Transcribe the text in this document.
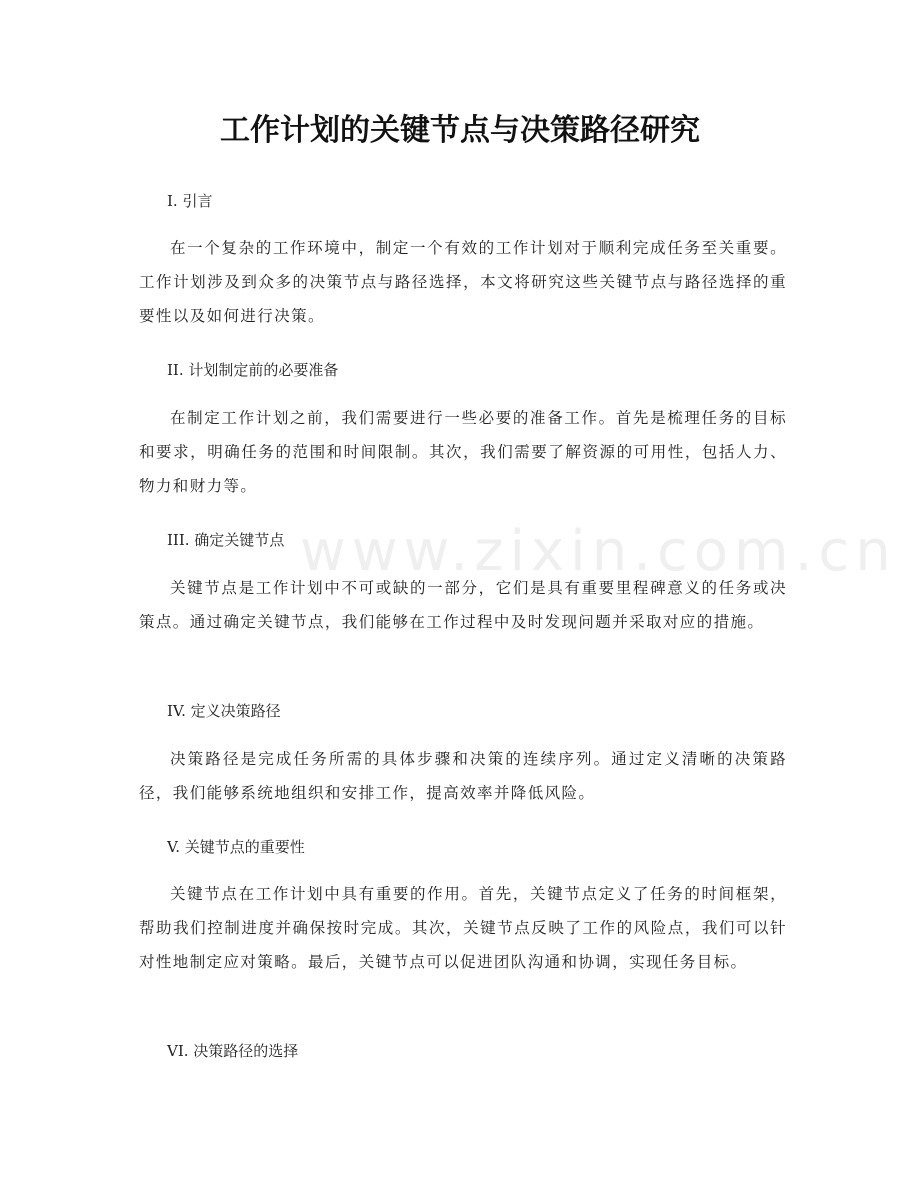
www.zixin.com.cn
工作计划的关键节点与决策路径研究

I. 引言

在一个复杂的工作环境中，制定一个有效的工作计划对于顺利完成任务至关重要。工作计划涉及到众多的决策节点与路径选择，本文将研究这些关键节点与路径选择的重要性以及如何进行决策。

II. 计划制定前的必要准备

在制定工作计划之前，我们需要进行一些必要的准备工作。首先是梳理任务的目标和要求，明确任务的范围和时间限制。其次，我们需要了解资源的可用性，包括人力、物力和财力等。

III. 确定关键节点

关键节点是工作计划中不可或缺的一部分，它们是具有重要里程碑意义的任务或决策点。通过确定关键节点，我们能够在工作过程中及时发现问题并采取对应的措施。

IV. 定义决策路径

决策路径是完成任务所需的具体步骤和决策的连续序列。通过定义清晰的决策路径，我们能够系统地组织和安排工作，提高效率并降低风险。

V. 关键节点的重要性

关键节点在工作计划中具有重要的作用。首先，关键节点定义了任务的时间框架，帮助我们控制进度并确保按时完成。其次，关键节点反映了工作的风险点，我们可以针对性地制定应对策略。最后，关键节点可以促进团队沟通和协调，实现任务目标。

VI. 决策路径的选择
